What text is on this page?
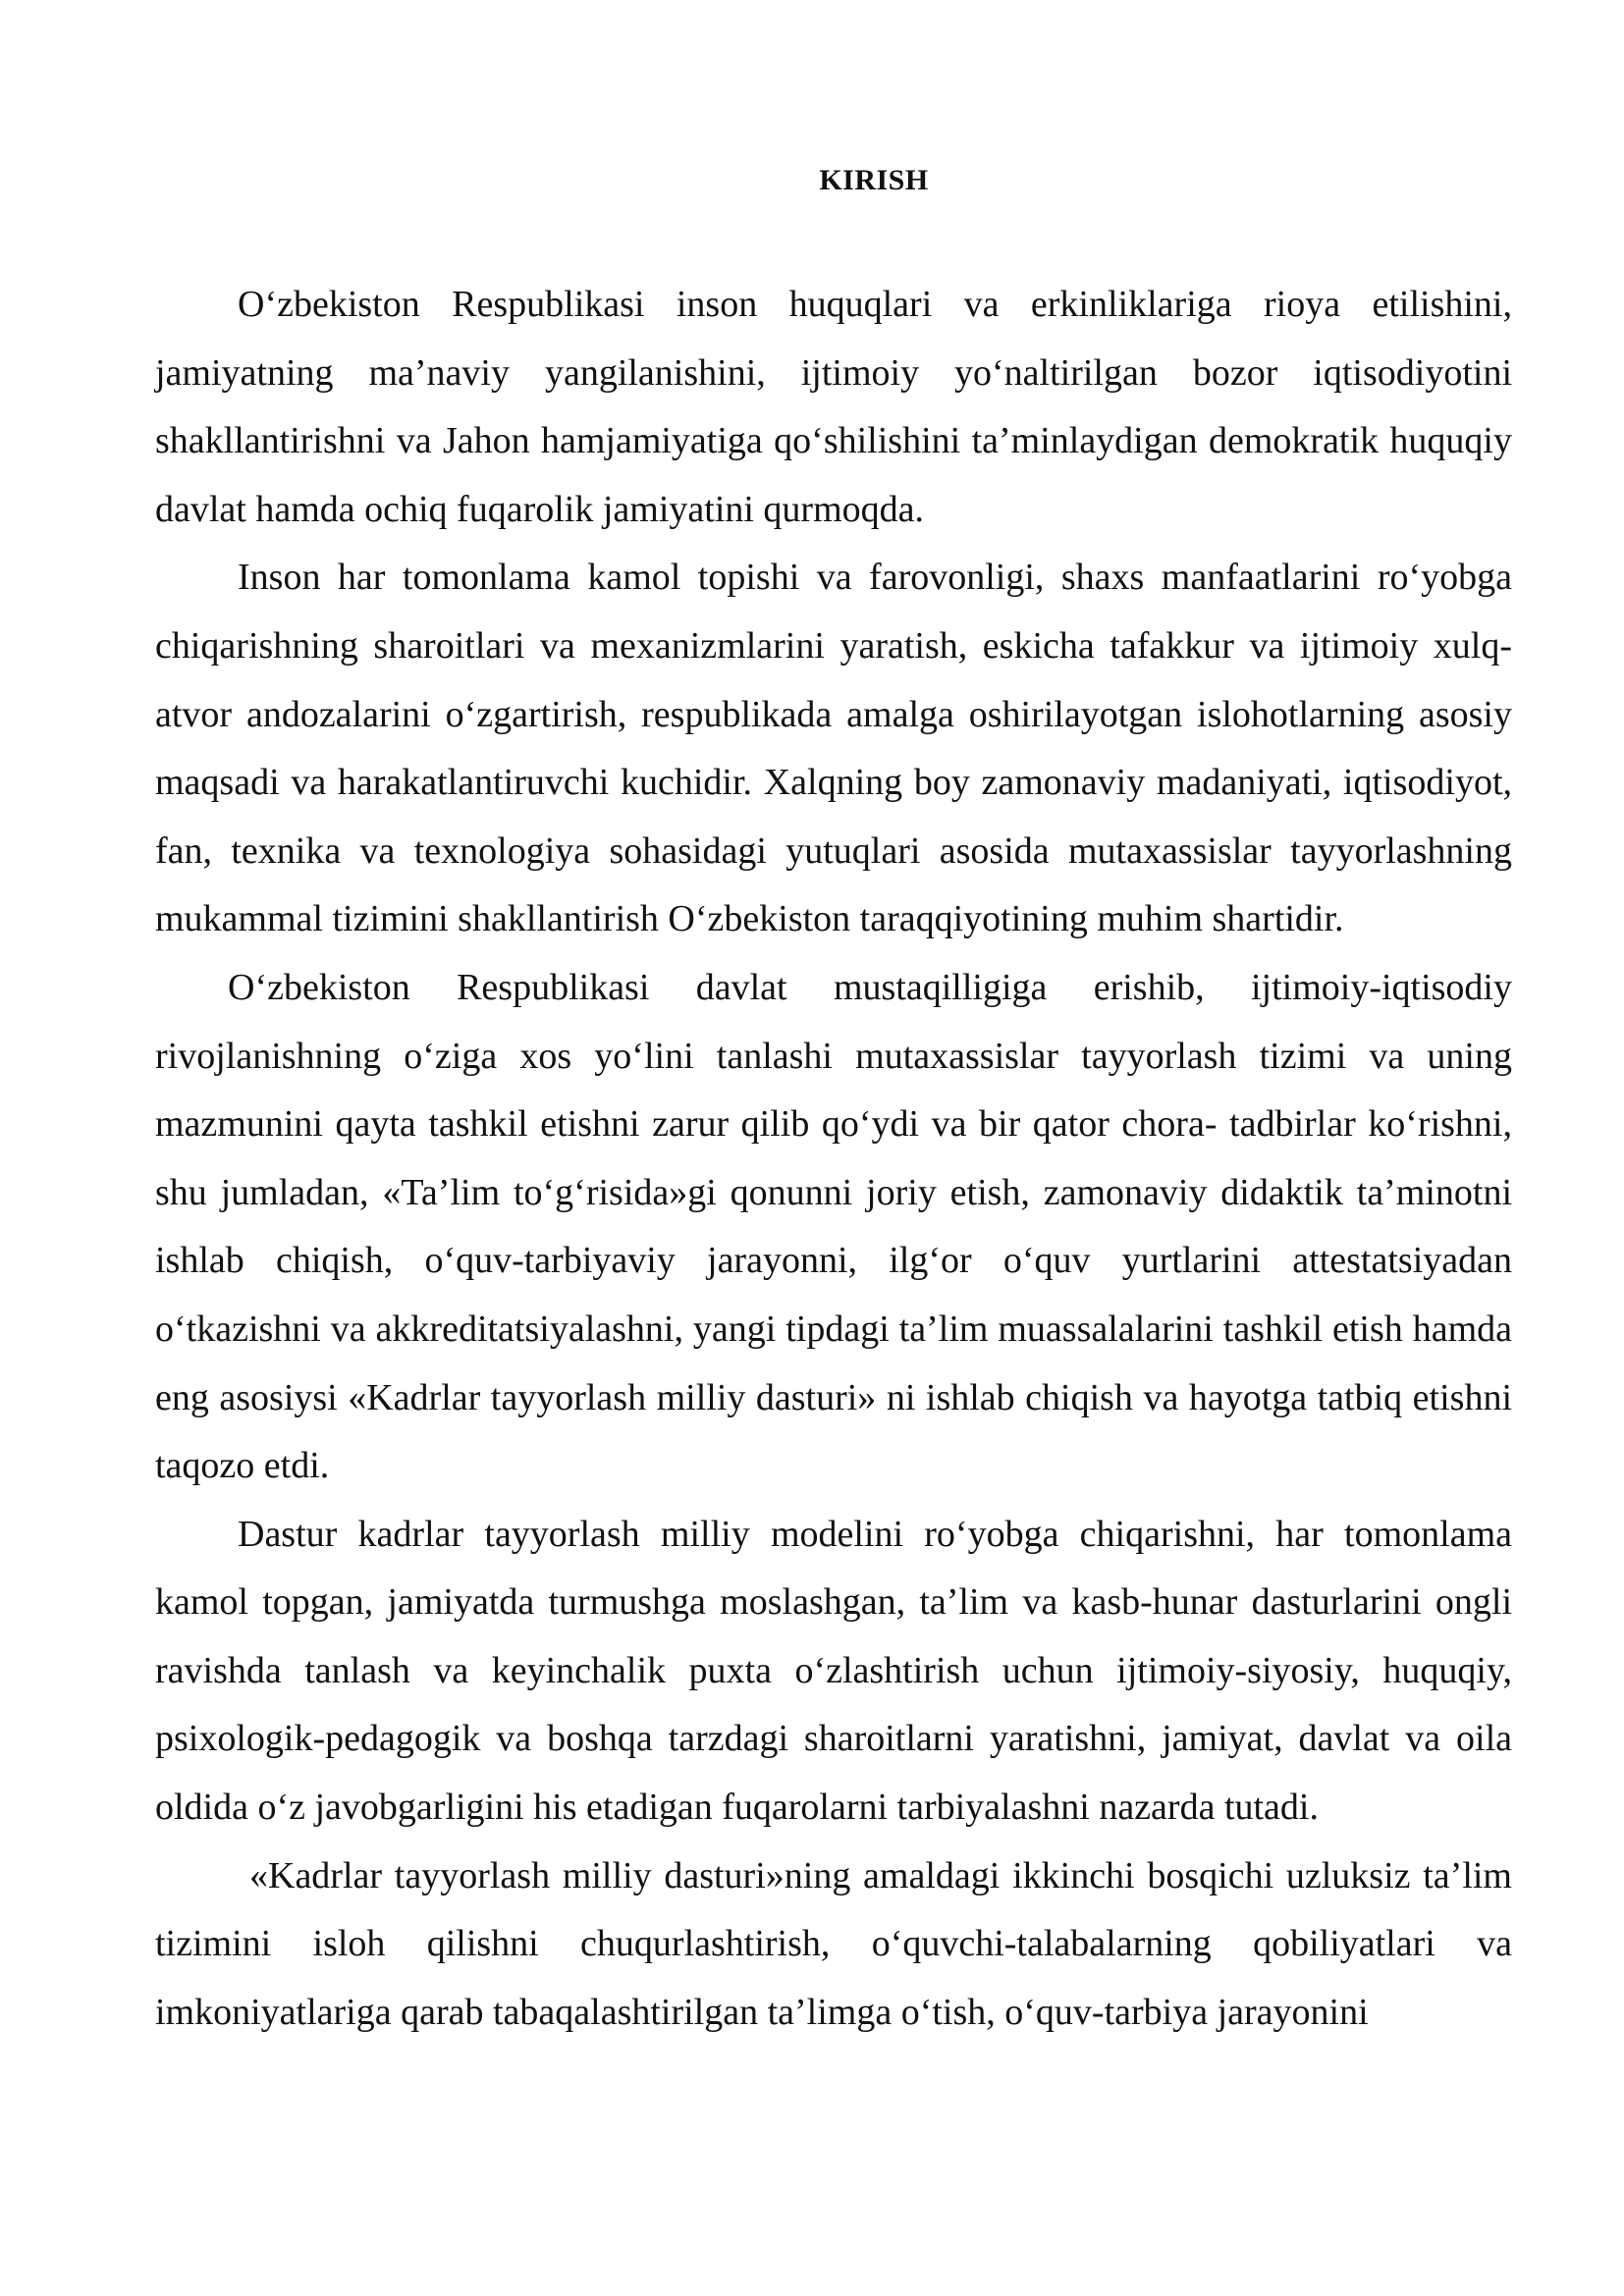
KIRISH

O‘zbekiston Respublikasi inson huquqlari va erkinliklariga rioya etilishini, jamiyatning ma’naviy yangilanishini, ijtimoiy yo‘naltirilgan bozor iqtisodiyotini shakllantirishni va Jahon hamjamiyatiga qo‘shilishini ta’minlaydigan demokratik huquqiy davlat hamda ochiq fuqarolik jamiyatini qurmoqda.

Inson har tomonlama kamol topishi va farovonligi, shaxs manfaatlarini ro‘yobga chiqarishning sharoitlari va mexanizmlarini yaratish, eskicha tafakkur va ijtimoiy xulq-atvor andozalarini o‘zgartirish, respublikada amalga oshirilayotgan islohotlarning asosiy maqsadi va harakatlantiruvchi kuchidir. Xalqning boy zamonaviy madaniyati, iqtisodiyot, fan, texnika va texnologiya sohasidagi yutuqlari asosida mutaxassislar tayyorlashning mukammal tizimini shakllantirish O‘zbekiston taraqqiyotining muhim shartidir.

O‘zbekiston Respublikasi davlat mustaqilligiga erishib, ijtimoiy-iqtisodiy rivojlanishning o‘ziga xos yo‘lini tanlashi mutaxassislar tayyorlash tizimi va uning mazmunini qayta tashkil etishni zarur qilib qo‘ydi va bir qator chora- tadbirlar ko‘rishni, shu jumladan, «Ta’lim to‘g‘risida»gi qonunni joriy etish, zamonaviy didaktik ta’minotni ishlab chiqish, o‘quv-tarbiyaviy jarayonni, ilg‘or o‘quv yurtlarini attestatsiyadan o‘tkazishni va akkreditatsiyalashni, yangi tipdagi ta’lim muassalalarini tashkil etish hamda eng asosiysi «Kadrlar tayyorlash milliy dasturi» ni ishlab chiqish va hayotga tatbiq etishni taqozo etdi.

Dastur kadrlar tayyorlash milliy modelini ro‘yobga chiqarishni, har tomonlama kamol topgan, jamiyatda turmushga moslashgan, ta’lim va kasb-hunar dasturlarini ongli ravishda tanlash va keyinchalik puxta o‘zlashtirish uchun ijtimoiy-siyosiy, huquqiy, psixologik-pedagogik va boshqa tarzdagi sharoitlarni yaratishni, jamiyat, davlat va oila oldida o‘z javobgarligini his etadigan fuqarolarni tarbiyalashni nazarda tutadi.

«Kadrlar tayyorlash milliy dasturi»ning amaldagi ikkinchi bosqichi uzluksiz ta’lim tizimini isloh qilishni chuqurlashtirish, o‘quvchi-talabalarning qobiliyatlari va imkoniyatlariga qarab tabaqalashtirilgan ta’limga o‘tish, o‘quv-tarbiya jarayonini
